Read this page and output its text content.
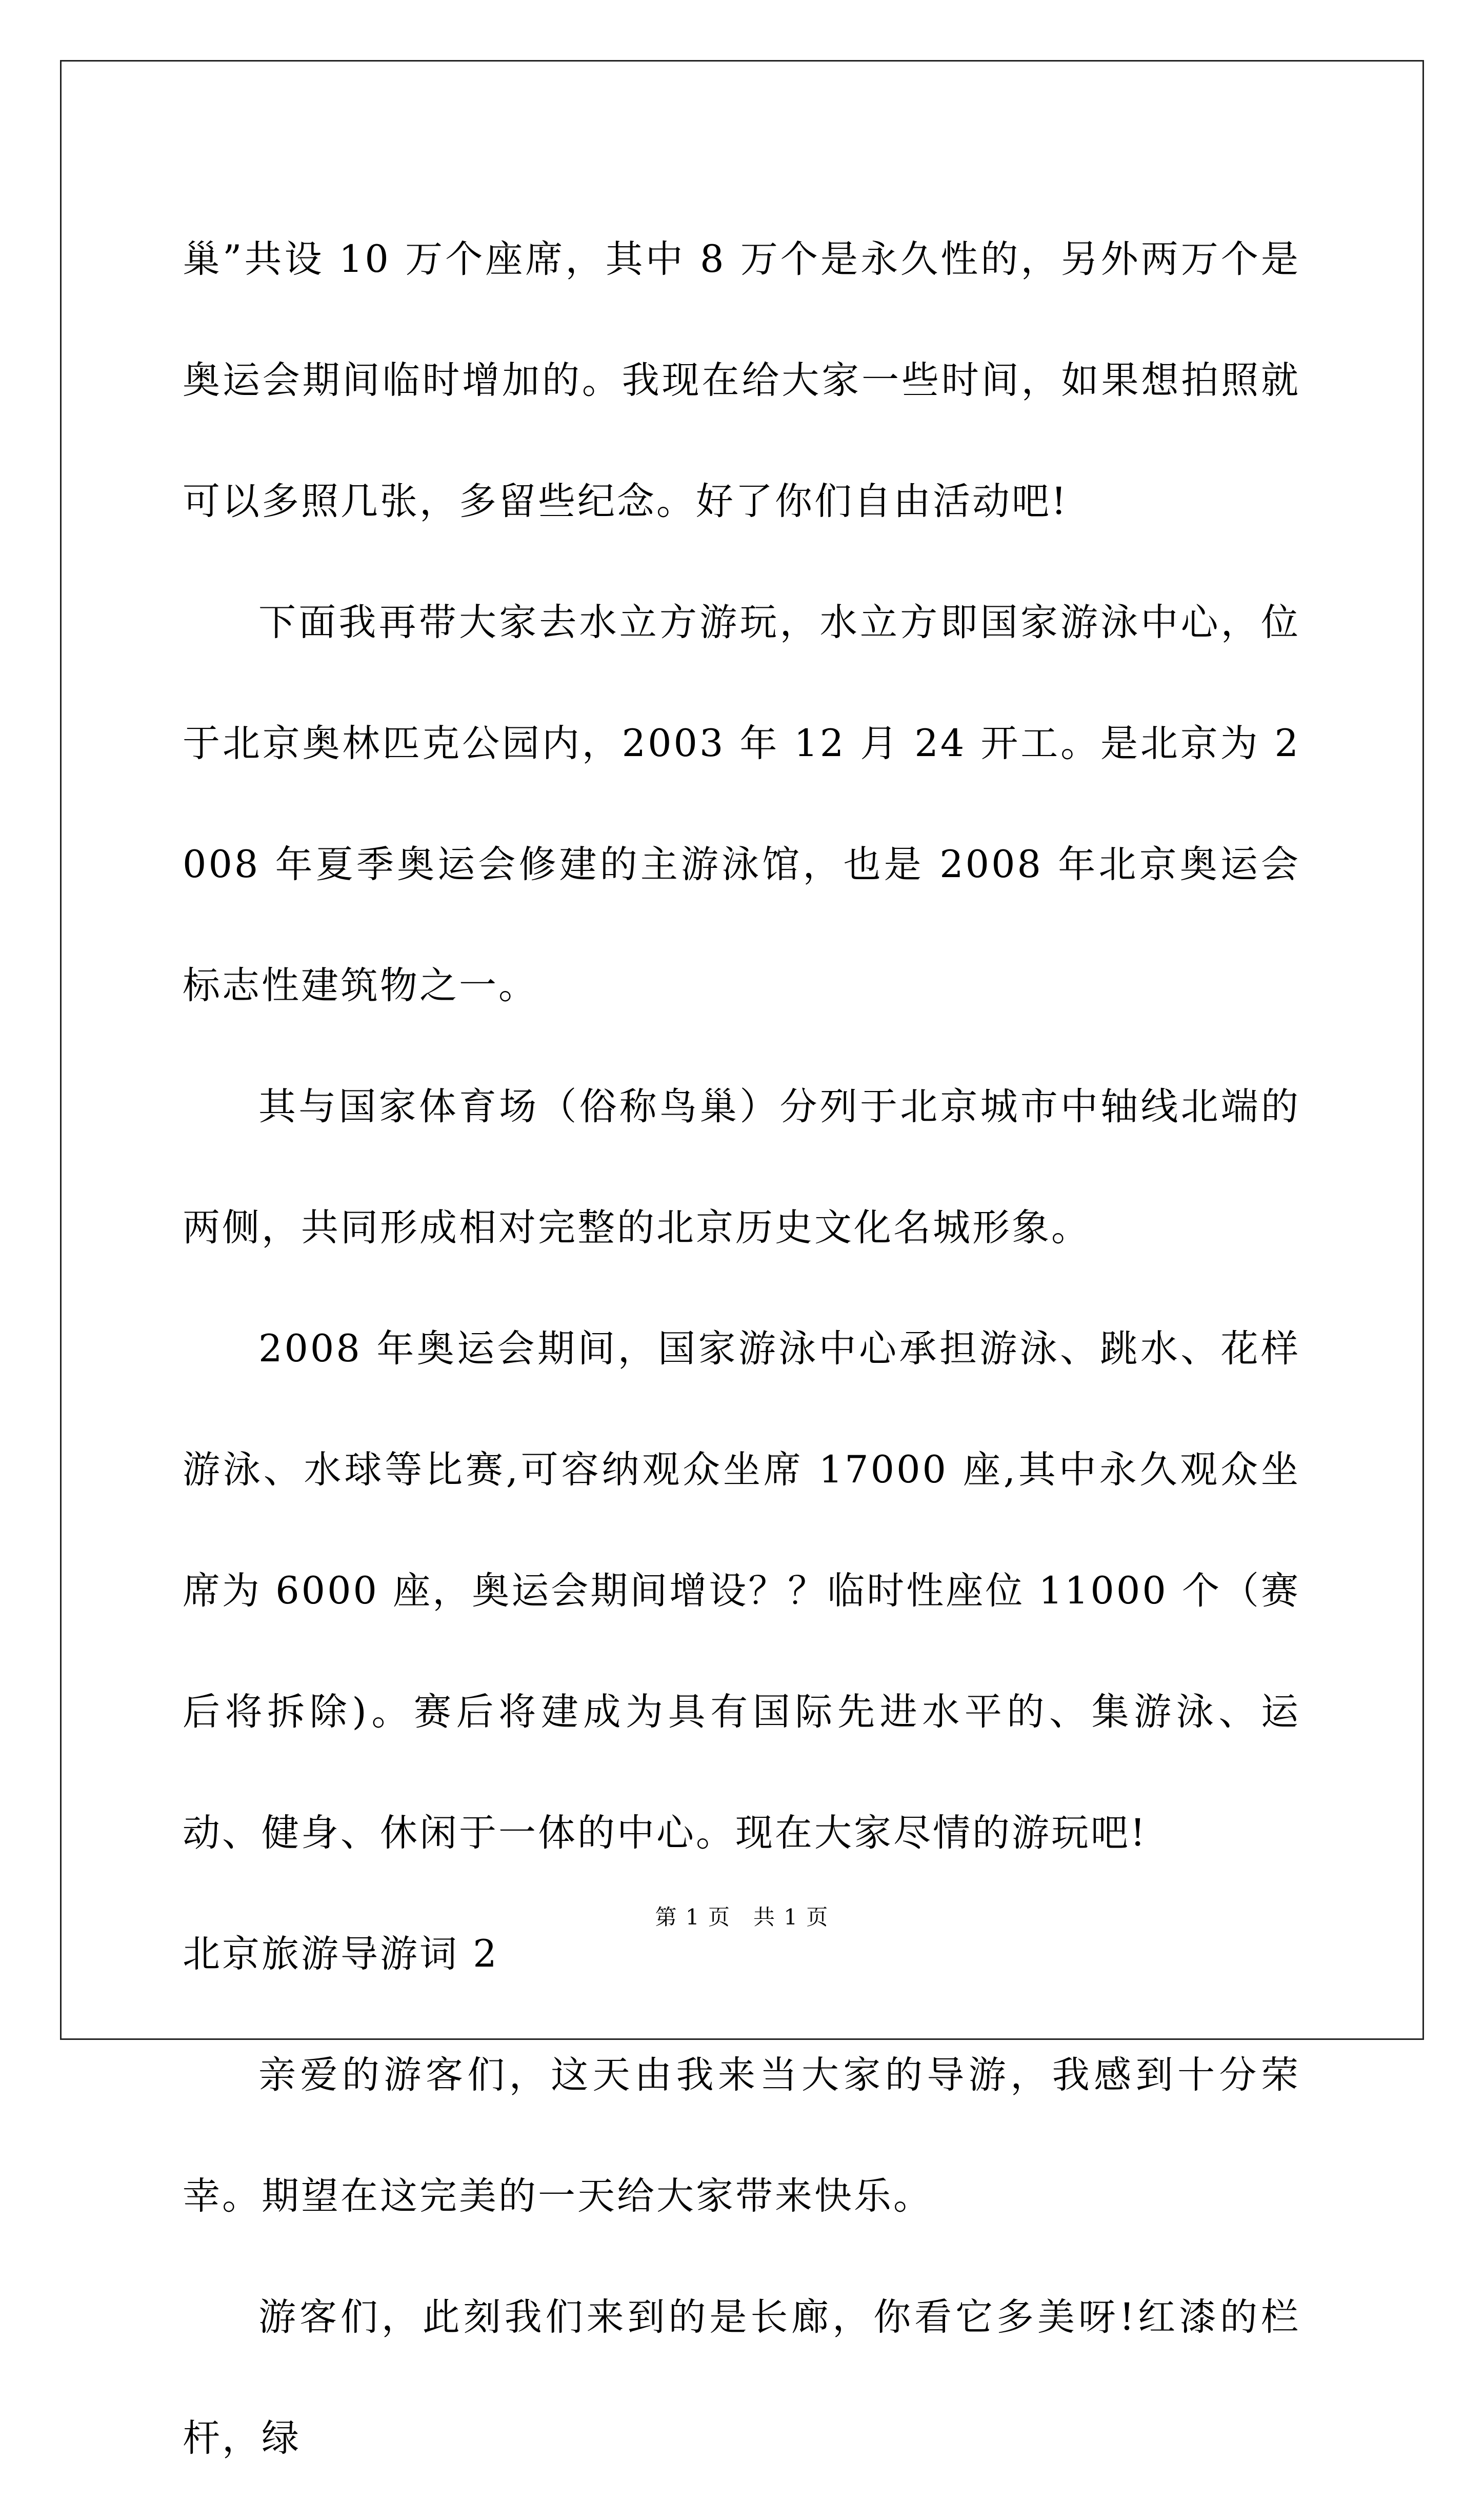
巢”共设 10 万个座席，其中 8 万个是永久性的，另外两万个是奥运会期间临时增加的。我现在给大家一些时间，如果想拍照就可以多照几张，多留些纪念。好了你们自由活动吧!

下面我再带大家去水立方游玩，水立方即国家游泳中心，位于北京奥林匹克公园内，2003 年 12 月 24 开工。是北京为 2008 年夏季奥运会修建的主游泳馆，也是 2008 年北京奥运会标志性建筑物之一。

其与国家体育场（俗称鸟巢）分列于北京城市中轴线北端的两侧，共同形成相对完整的北京历史文化名城形象。

2008 年奥运会期间，国家游泳中心承担游泳、跳水、花样游泳、水球等比赛,可容纳观众坐席 17000 座,其中永久观众坐席为 6000 座，奥运会期间增设？？临时性座位 11000 个（赛后将拆除)。赛后将建成为具有国际先进水平的、集游泳、运动、健身、休闲于一体的中心。现在大家尽情的游玩吧!

北京旅游导游词 2

亲爱的游客们，这天由我来当大家的导游，我感到十分荣幸。期望在这完美的一天给大家带来快乐。

游客们，此刻我们来到的是长廊，你看它多美呀!红漆的栏杆，绿

第 1 页　共 1 页
